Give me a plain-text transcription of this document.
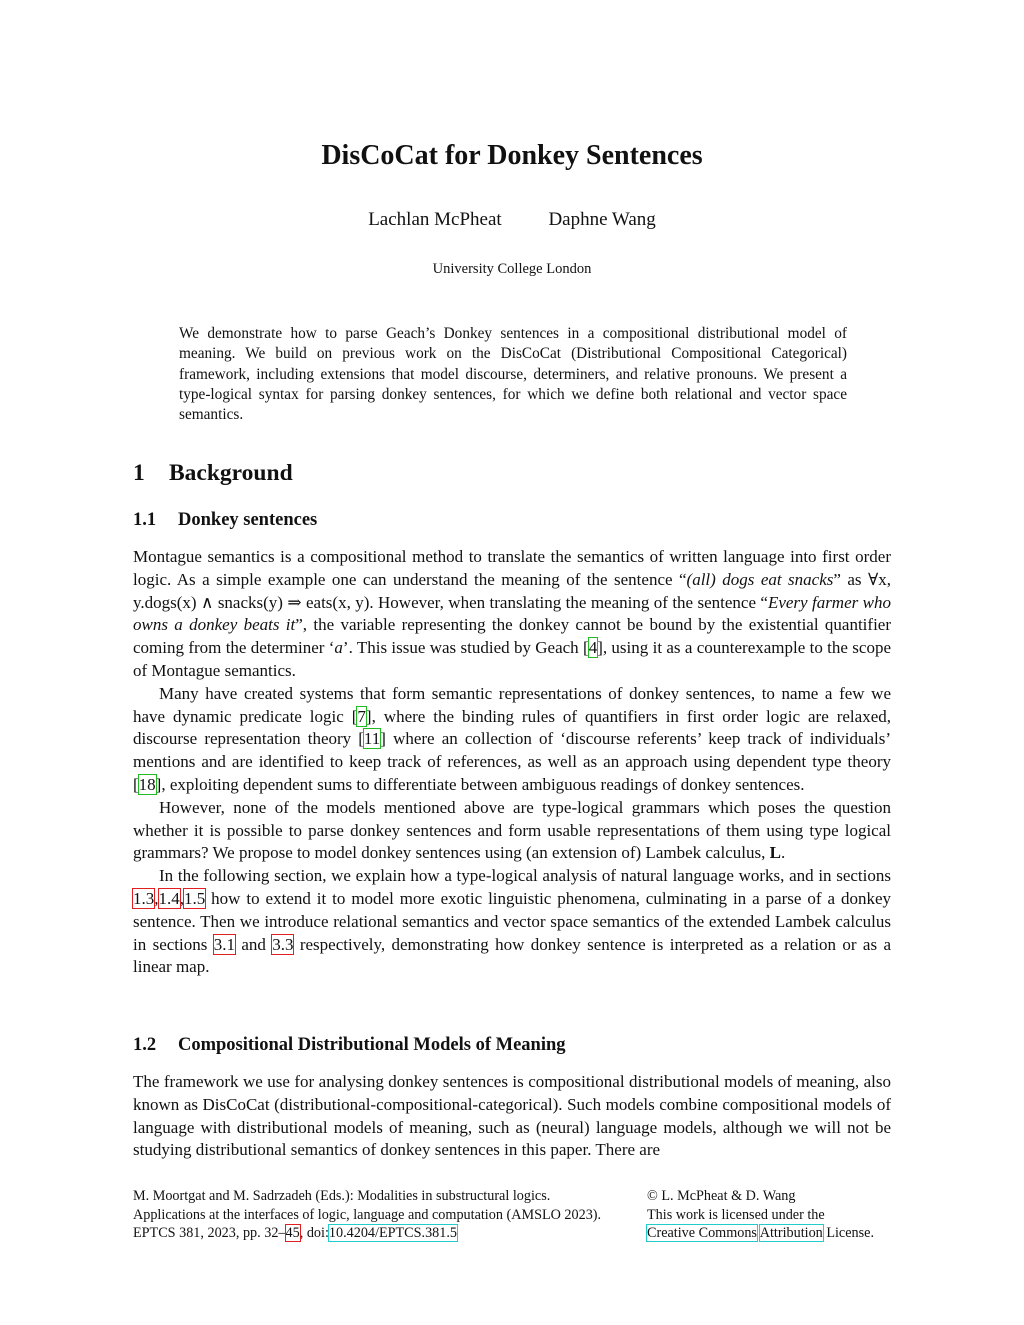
DisCoCat for Donkey Sentences
Lachlan McPheat Daphne Wang
University College London
We demonstrate how to parse Geach’s Donkey sentences in a compositional distributional model of meaning. We build on previous work on the DisCoCat (Distributional Compositional Categorical) framework, including extensions that model discourse, determiners, and relative pronouns. We present a type-logical syntax for parsing donkey sentences, for which we define both relational and vector space semantics.
1 Background
1.1 Donkey sentences

Montague semantics is a compositional method to translate the semantics of written language into first order logic. As a simple example one can understand the meaning of the sentence “(all) dogs eat snacks” as ∀x, y.dogs(x) ∧ snacks(y) ⇒ eats(x, y). However, when translating the meaning of the sentence “Every farmer who owns a donkey beats it”, the variable representing the donkey cannot be bound by the existential quantifier coming from the determiner ‘a’. This issue was studied by Geach [4], using it as a counterexample to the scope of Montague semantics.

Many have created systems that form semantic representations of donkey sentences, to name a few we have dynamic predicate logic [7], where the binding rules of quantifiers in first order logic are relaxed, discourse representation theory [11] where an collection of ‘discourse referents’ keep track of individuals’ mentions and are identified to keep track of references, as well as an approach using dependent type theory [18], exploiting dependent sums to differentiate between ambiguous readings of donkey sentences.

However, none of the models mentioned above are type-logical grammars which poses the question whether it is possible to parse donkey sentences and form usable representations of them using type logical grammars? We propose to model donkey sentences using (an extension of) Lambek calculus, L.

In the following section, we explain how a type-logical analysis of natural language works, and in sections 1.3,1.4,1.5 how to extend it to model more exotic linguistic phenomena, culminating in a parse of a donkey sentence. Then we introduce relational semantics and vector space semantics of the extended Lambek calculus in sections 3.1 and 3.3 respectively, demonstrating how donkey sentence is interpreted as a relation or as a linear map.

1.2 Compositional Distributional Models of Meaning

The framework we use for analysing donkey sentences is compositional distributional models of meaning, also known as DisCoCat (distributional-compositional-categorical). Such models combine compositional models of language with distributional models of meaning, such as (neural) language models, although we will not be studying distributional semantics of donkey sentences in this paper. There are

M. Moortgat and M. Sadrzadeh (Eds.): Modalities in substructural logics.
Applications at the interfaces of logic, language and computation (AMSLO 2023).
EPTCS 381, 2023, pp. 32–45, doi:10.4204/EPTCS.381.5
© L. McPheat & D. Wang
This work is licensed under the
Creative Commons Attribution License.
